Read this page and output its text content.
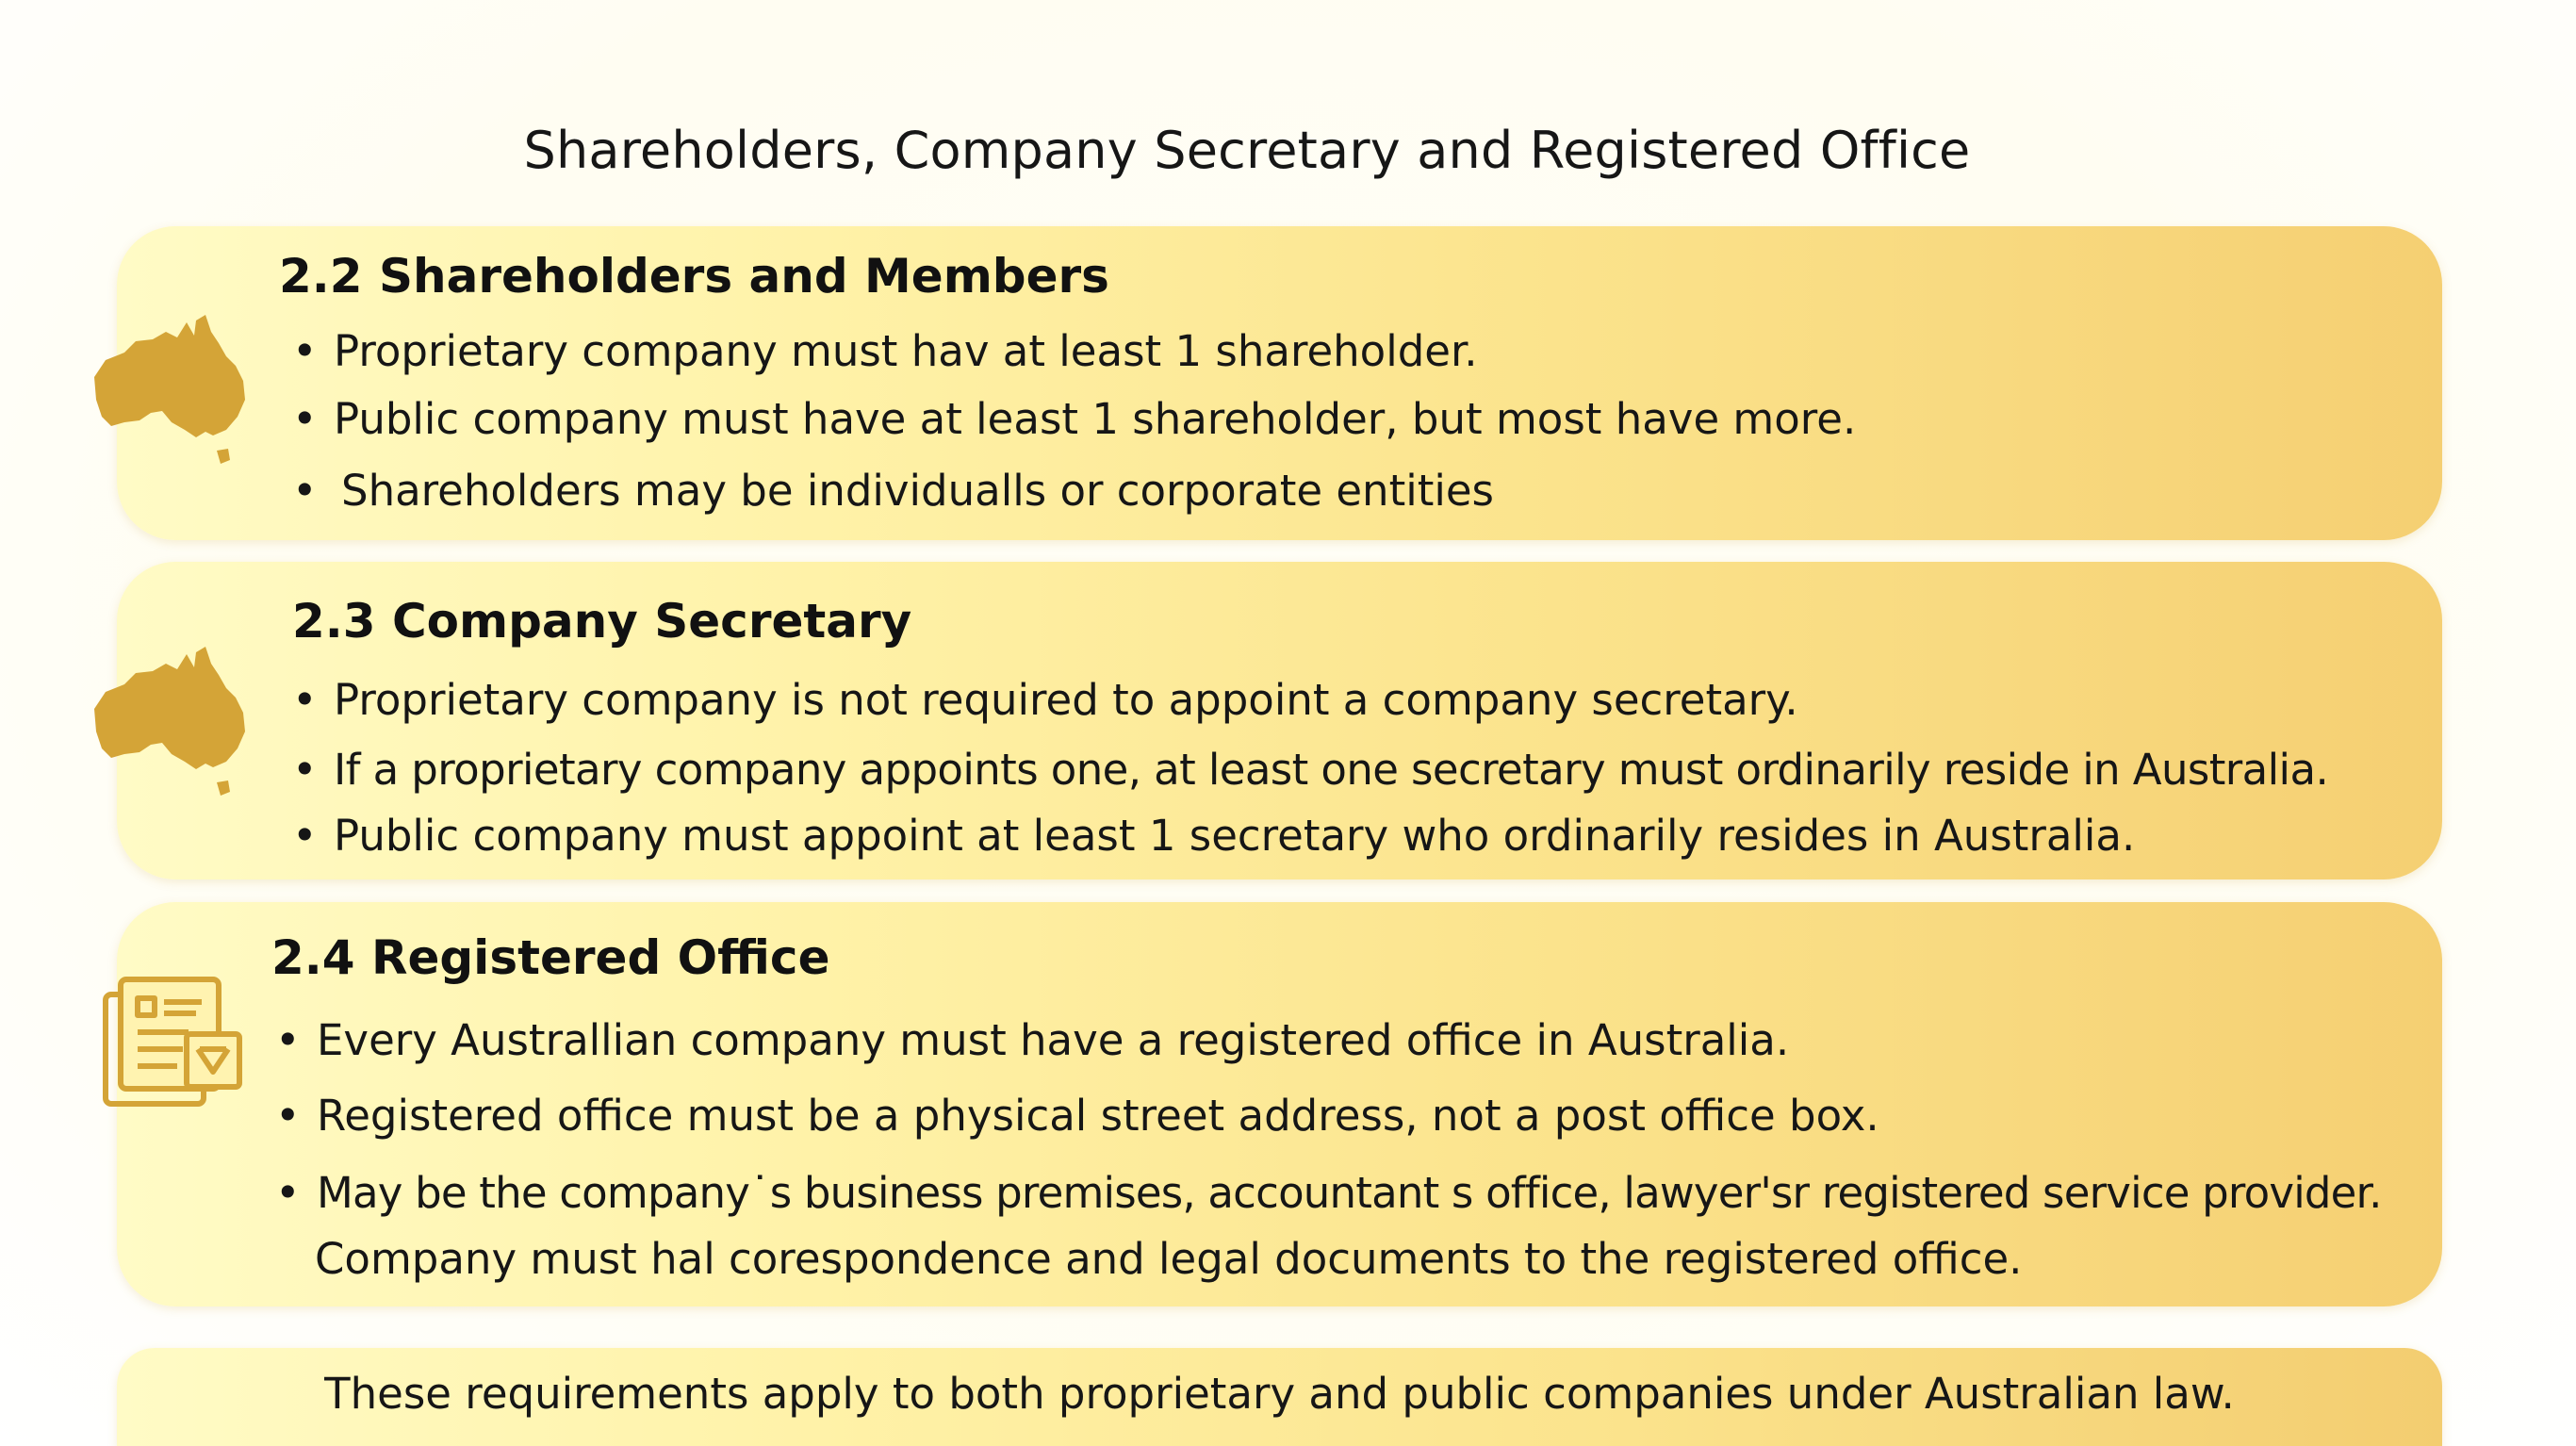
Shareholders, Company Secretary and Registered Office
2.2 Shareholders and Members
• Proprietary company must hav at least 1 shareholder.
• Public company must have at least 1 shareholder, but most have more.
• Shareholders may be individualls or corporate entities
2.3 Company Secretary
• Proprietary company is not required to appoint a company secretary.
• If a proprietary company appoints one, at least one secretary must ordinarily reside in Australia.
• Public company must appoint at least 1 secretary who ordinarily resides in Australia.
2.4 Registered Office
• Every Australlian company must have a registered office in Australia.
• Registered office must be a physical street address, not a post office box.
• May be the company˙s business premises, accountant s office, lawyer'sr registered service provider.
Company must hal corespondence and legal documents to the registered office.
These requirements apply to both proprietary and public companies under Australian law.
